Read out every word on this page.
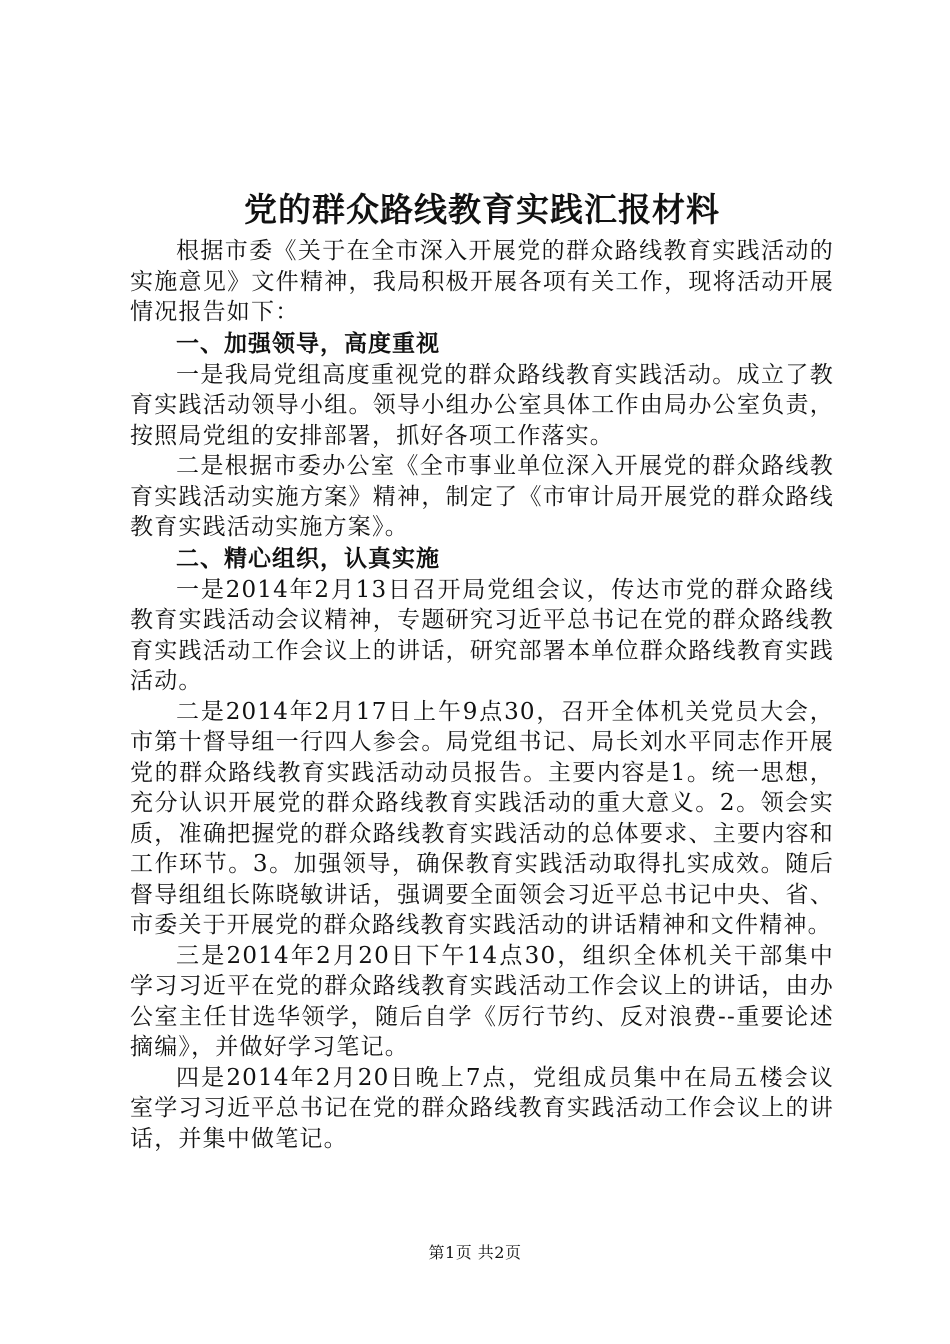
党的群众路线教育实践汇报材料

根据市委《关于在全市深入开展党的群众路线教育实践活动的实施意见》文件精神，我局积极开展各项有关工作，现将活动开展情况报告如下：

一、加强领导，高度重视

一是我局党组高度重视党的群众路线教育实践活动。成立了教育实践活动领导小组。领导小组办公室具体工作由局办公室负责，按照局党组的安排部署，抓好各项工作落实。

二是根据市委办公室《全市事业单位深入开展党的群众路线教育实践活动实施方案》精神，制定了《市审计局开展党的群众路线教育实践活动实施方案》。

二、精心组织，认真实施

一是2014年2月13日召开局党组会议，传达市党的群众路线教育实践活动会议精神，专题研究习近平总书记在党的群众路线教育实践活动工作会议上的讲话，研究部署本单位群众路线教育实践活动。

二是2014年2月17日上午9点30，召开全体机关党员大会，市第十督导组一行四人参会。局党组书记、局长刘水平同志作开展党的群众路线教育实践活动动员报告。主要内容是1。统一思想，充分认识开展党的群众路线教育实践活动的重大意义。2。领会实质，准确把握党的群众路线教育实践活动的总体要求、主要内容和工作环节。3。加强领导，确保教育实践活动取得扎实成效。随后督导组组长陈晓敏讲话，强调要全面领会习近平总书记中央、省、市委关于开展党的群众路线教育实践活动的讲话精神和文件精神。

三是2014年2月20日下午14点30，组织全体机关干部集中学习习近平在党的群众路线教育实践活动工作会议上的讲话，由办公室主任甘选华领学，随后自学《厉行节约、反对浪费--重要论述摘编》，并做好学习笔记。

四是2014年2月20日晚上7点，党组成员集中在局五楼会议室学习习近平总书记在党的群众路线教育实践活动工作会议上的讲话，并集中做笔记。

第1页 共2页
